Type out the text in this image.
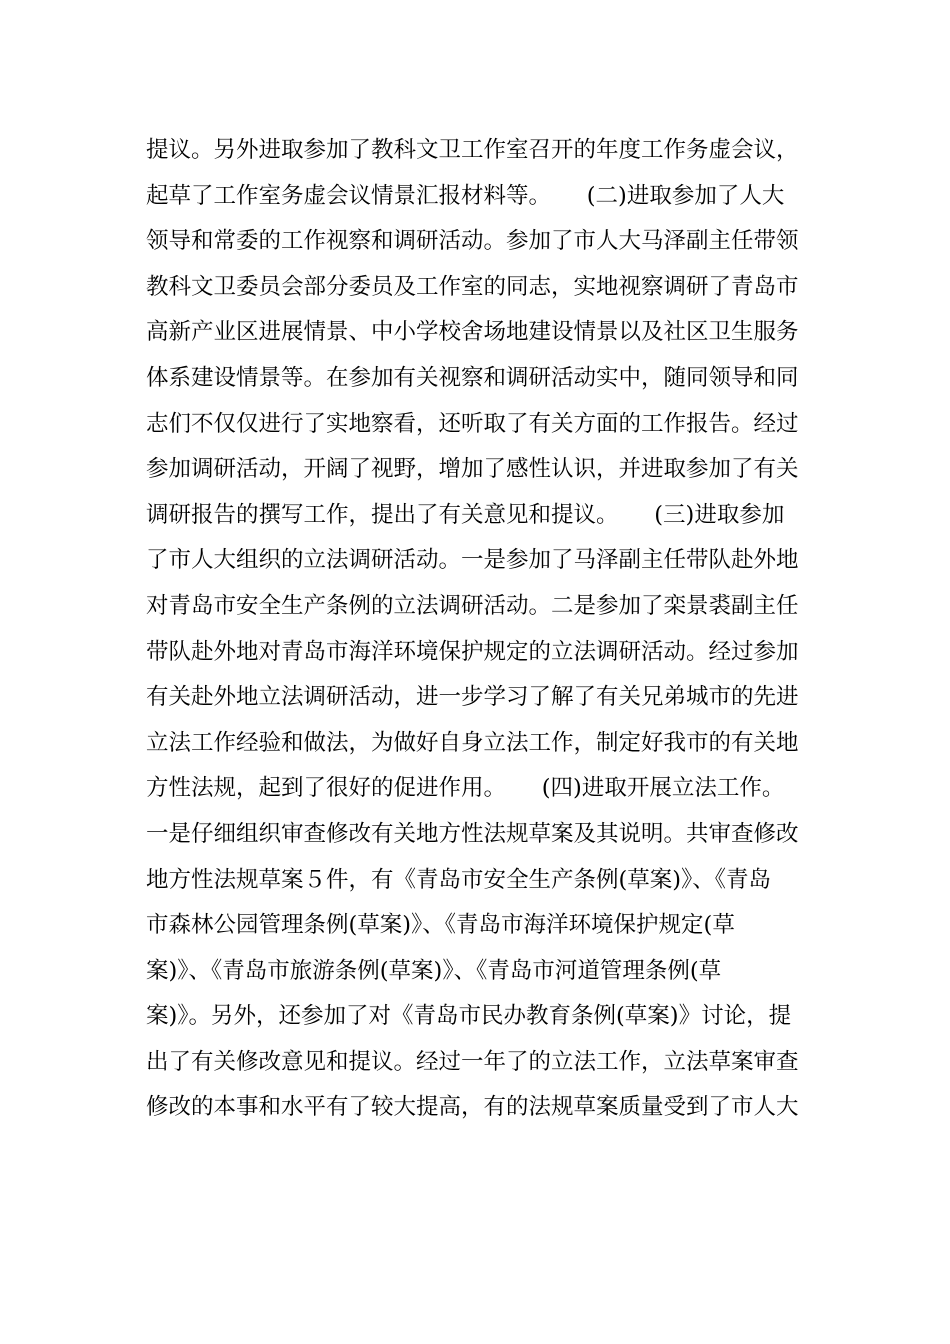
提议。另外进取参加了教科文卫工作室召开的年度工作务虚会议，
起草了工作室务虚会议情景汇报材料等。     (二)进取参加了人大
领导和常委的工作视察和调研活动。参加了市人大马泽副主任带领
教科文卫委员会部分委员及工作室的同志，实地视察调研了青岛市
高新产业区进展情景、中小学校舍场地建设情景以及社区卫生服务
体系建设情景等。在参加有关视察和调研活动实中，随同领导和同
志们不仅仅进行了实地察看，还听取了有关方面的工作报告。经过
参加调研活动，开阔了视野，增加了感性认识，并进取参加了有关
调研报告的撰写工作，提出了有关意见和提议。     (三)进取参加
了市人大组织的立法调研活动。一是参加了马泽副主任带队赴外地
对青岛市安全生产条例的立法调研活动。二是参加了栾景裘副主任
带队赴外地对青岛市海洋环境保护规定的立法调研活动。经过参加
有关赴外地立法调研活动，进一步学习了解了有关兄弟城市的先进
立法工作经验和做法，为做好自身立法工作，制定好我市的有关地
方性法规，起到了很好的促进作用。     (四)进取开展立法工作。
一是仔细组织审查修改有关地方性法规草案及其说明。共审查修改
地方性法规草案５件，有《青岛市安全生产条例(草案)》、《青岛
市森林公园管理条例(草案)》、《青岛市海洋环境保护规定(草
案)》、《青岛市旅游条例(草案)》、《青岛市河道管理条例(草
案)》。另外，还参加了对《青岛市民办教育条例(草案)》讨论，提
出了有关修改意见和提议。经过一年了的立法工作，立法草案审查
修改的本事和水平有了较大提高，有的法规草案质量受到了市人大
